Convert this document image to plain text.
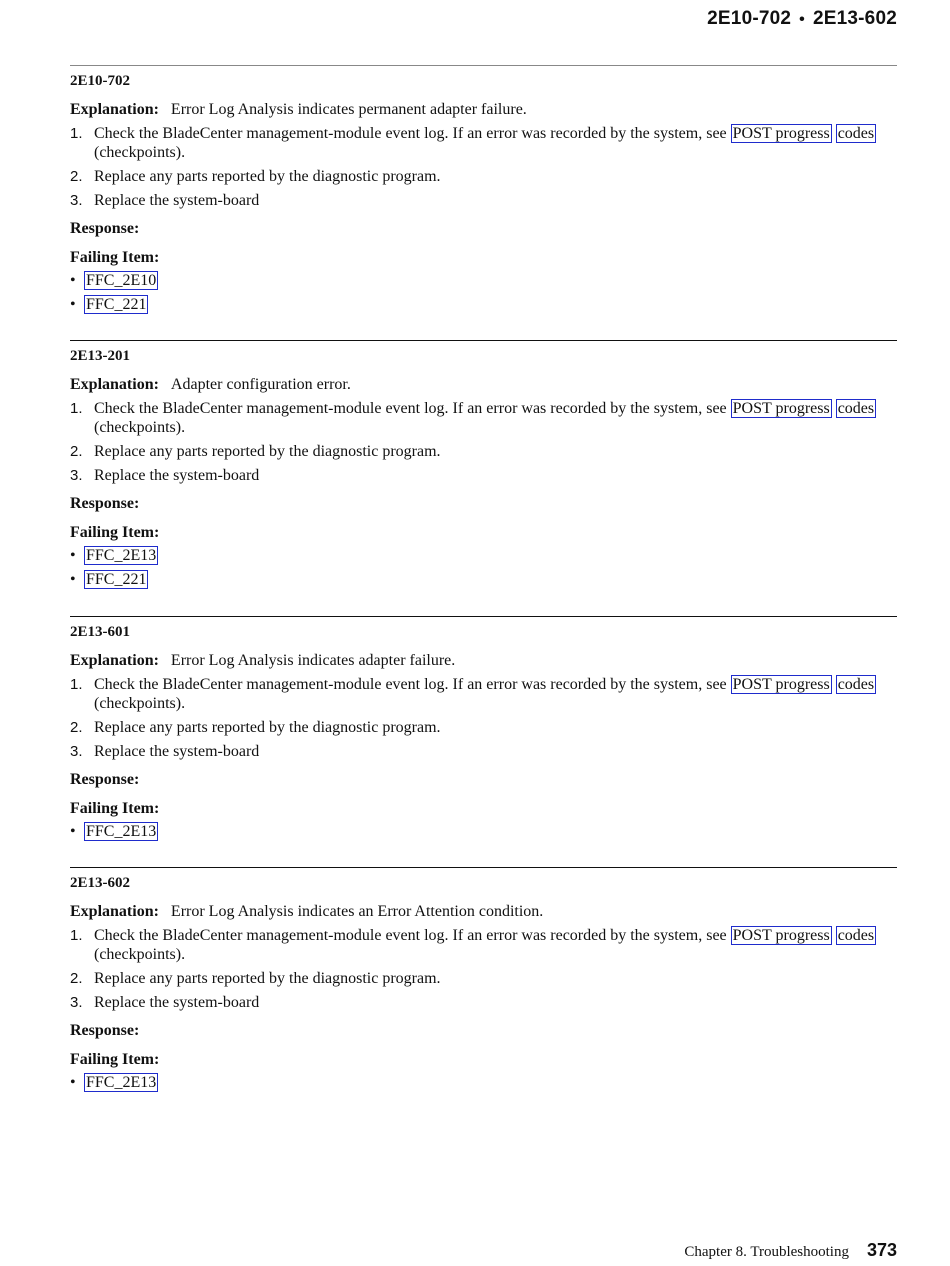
2E10-702 • 2E13-602

2E10-702

Explanation: Error Log Analysis indicates permanent adapter failure.

1. Check the BladeCenter management-module event log. If an error was recorded by the system, see POST progress codes (checkpoints).
2. Replace any parts reported by the diagnostic program.
3. Replace the system-board

Response:

Failing Item:

• FFC_2E10
• FFC_221

2E13-201

Explanation: Adapter configuration error.

1. Check the BladeCenter management-module event log. If an error was recorded by the system, see POST progress codes (checkpoints).
2. Replace any parts reported by the diagnostic program.
3. Replace the system-board

Response:

Failing Item:

• FFC_2E13
• FFC_221

2E13-601

Explanation: Error Log Analysis indicates adapter failure.

1. Check the BladeCenter management-module event log. If an error was recorded by the system, see POST progress codes (checkpoints).
2. Replace any parts reported by the diagnostic program.
3. Replace the system-board

Response:

Failing Item:

• FFC_2E13

2E13-602

Explanation: Error Log Analysis indicates an Error Attention condition.

1. Check the BladeCenter management-module event log. If an error was recorded by the system, see POST progress codes (checkpoints).
2. Replace any parts reported by the diagnostic program.
3. Replace the system-board

Response:

Failing Item:

• FFC_2E13
Chapter 8. Troubleshooting 373
